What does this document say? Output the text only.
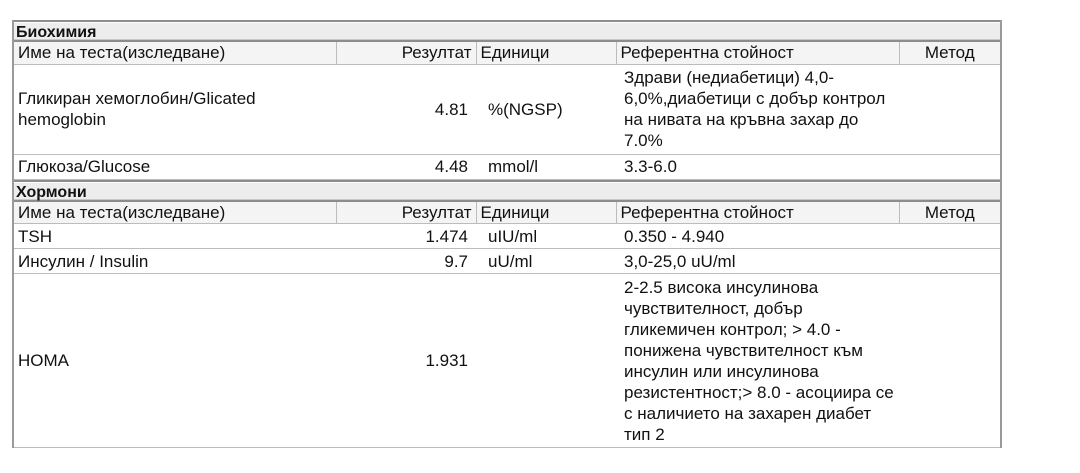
Биохимия
Име на теста(изследване)	Резултат	Единици	Референтна стойност	Метод
Гликиран хемоглобин/Glicated hemoglobin	4.81	%(NGSP)	Здрави (недиабетици) 4,0-6,0%,диабетици с добър контрол на нивата на кръвна захар до 7.0%	
Глюкоза/Glucose	4.48	mmol/l	3.3-6.0	
Хормони
Име на теста(изследване)	Резултат	Единици	Референтна стойност	Метод
TSH	1.474	uIU/ml	0.350 - 4.940	
Инсулин / Insulin	9.7	uU/ml	3,0-25,0 uU/ml	
HOMA	1.931		2-2.5 висока инсулинова чувствителност, добър гликемичен контрол; > 4.0 - понижена чувствителност към инсулин или инсулинова резистентност;> 8.0 - асоциира се с наличието на захарен диабет тип 2	
